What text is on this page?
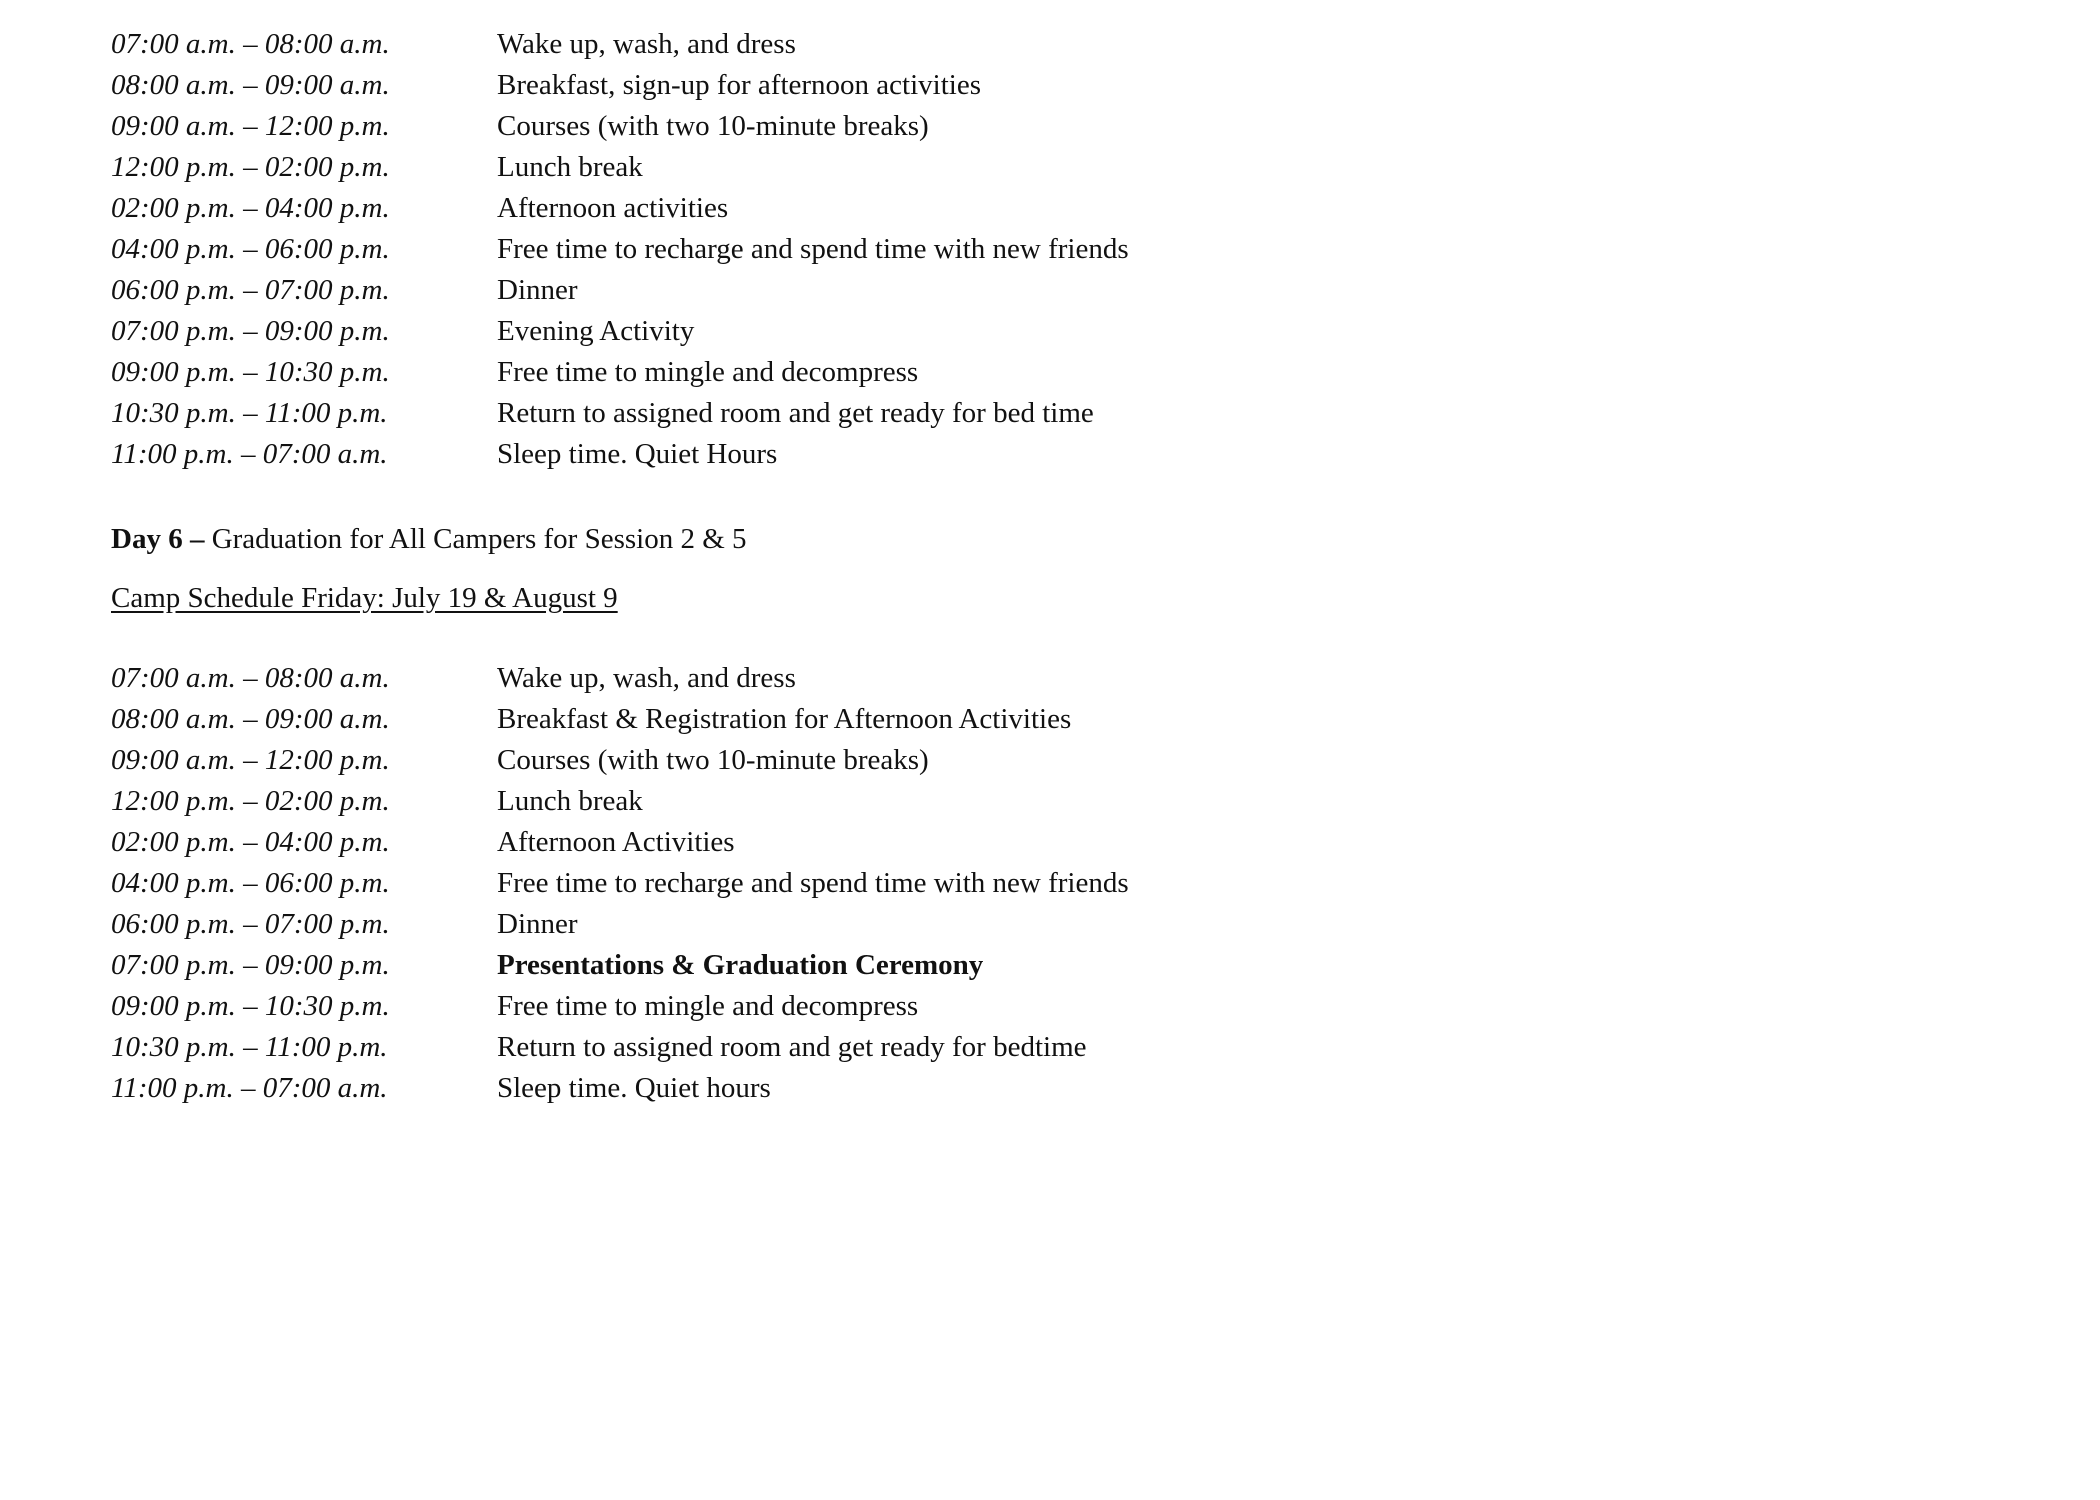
07:00 a.m. – 08:00 a.m.	Wake up, wash, and dress
08:00 a.m. – 09:00 a.m.	Breakfast, sign-up for afternoon activities
09:00 a.m. – 12:00 p.m.	Courses (with two 10-minute breaks)
12:00 p.m. – 02:00 p.m.	Lunch break
02:00 p.m. – 04:00 p.m.	Afternoon activities
04:00 p.m. – 06:00 p.m.	Free time to recharge and spend time with new friends
06:00 p.m. – 07:00 p.m.	Dinner
07:00 p.m. – 09:00 p.m.	Evening Activity
09:00 p.m. – 10:30 p.m.	Free time to mingle and decompress
10:30 p.m. – 11:00 p.m.	Return to assigned room and get ready for bed time
11:00 p.m. – 07:00 a.m.	Sleep time. Quiet Hours
Day 6 – Graduation for All Campers for Session 2 & 5
Camp Schedule Friday: July 19 & August 9
07:00 a.m. – 08:00 a.m.	Wake up, wash, and dress
08:00 a.m. – 09:00 a.m.	Breakfast & Registration for Afternoon Activities
09:00 a.m. – 12:00 p.m.	Courses (with two 10-minute breaks)
12:00 p.m. – 02:00 p.m.	Lunch break
02:00 p.m. – 04:00 p.m.	Afternoon Activities
04:00 p.m. – 06:00 p.m.	Free time to recharge and spend time with new friends
06:00 p.m. – 07:00 p.m.	Dinner
07:00 p.m. – 09:00 p.m.	Presentations & Graduation Ceremony
09:00 p.m. – 10:30 p.m.	Free time to mingle and decompress
10:30 p.m. – 11:00 p.m.	Return to assigned room and get ready for bedtime
11:00 p.m. – 07:00 a.m.	Sleep time. Quiet hours
